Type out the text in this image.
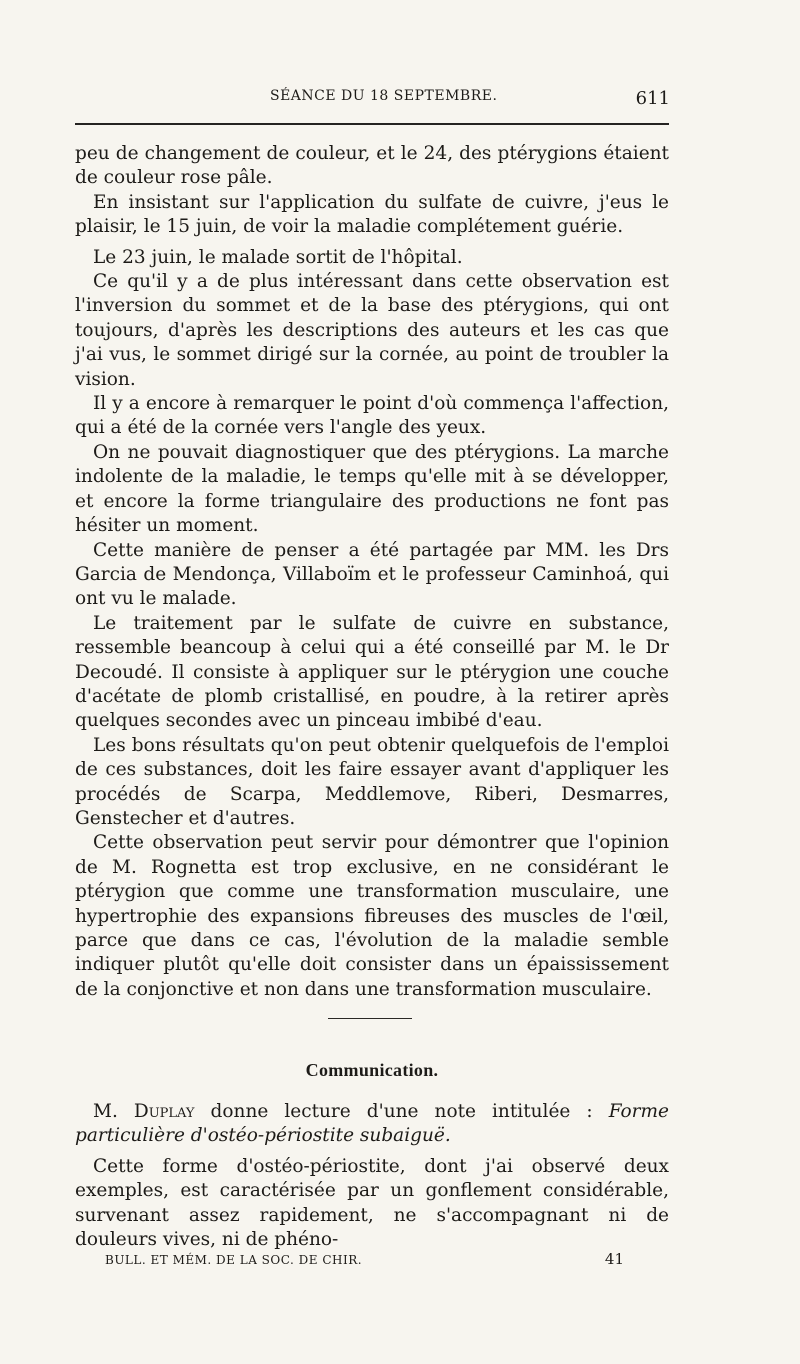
SÉANCE DU 18 SEPTEMBRE.	611

peu de changement de couleur, et le 24, des ptérygions étaient de couleur rose pâle.

En insistant sur l'application du sulfate de cuivre, j'eus le plaisir, le 15 juin, de voir la maladie complétement guérie.

Le 23 juin, le malade sortit de l'hôpital.

Ce qu'il y a de plus intéressant dans cette observation est l'inversion du sommet et de la base des ptérygions, qui ont toujours, d'après les descriptions des auteurs et les cas que j'ai vus, le sommet dirigé sur la cornée, au point de troubler la vision.

Il y a encore à remarquer le point d'où commença l'affection, qui a été de la cornée vers l'angle des yeux.

On ne pouvait diagnostiquer que des ptérygions. La marche indolente de la maladie, le temps qu'elle mit à se développer, et encore la forme triangulaire des productions ne font pas hésiter un moment.

Cette manière de penser a été partagée par MM. les Drs Garcia de Mendonça, Villaboïm et le professeur Caminhoá, qui ont vu le malade.

Le traitement par le sulfate de cuivre en substance, ressemble beancoup à celui qui a été conseillé par M. le Dr Decoudé. Il consiste à appliquer sur le ptérygion une couche d'acétate de plomb cristallisé, en poudre, à la retirer après quelques secondes avec un pinceau imbibé d'eau.

Les bons résultats qu'on peut obtenir quelquefois de l'emploi de ces substances, doit les faire essayer avant d'appliquer les procédés de Scarpa, Meddlemove, Riberi, Desmarres, Genstecher et d'autres.

Cette observation peut servir pour démontrer que l'opinion de M. Rognetta est trop exclusive, en ne considérant le ptérygion que comme une transformation musculaire, une hypertrophie des expansions fibreuses des muscles de l'œil, parce que dans ce cas, l'évolution de la maladie semble indiquer plutôt qu'elle doit consister dans un épaississement de la conjonctive et non dans une transformation musculaire.

Communication.

M. Duplay donne lecture d'une note intitulée : Forme particulière d'ostéo-périostite subaiguë.

Cette forme d'ostéo-périostite, dont j'ai observé deux exemples, est caractérisée par un gonflement considérable, survenant assez rapidement, ne s'accompagnant ni de douleurs vives, ni de phéno-

BULL. ET MÉM. DE LA SOC. DE CHIR.	41
